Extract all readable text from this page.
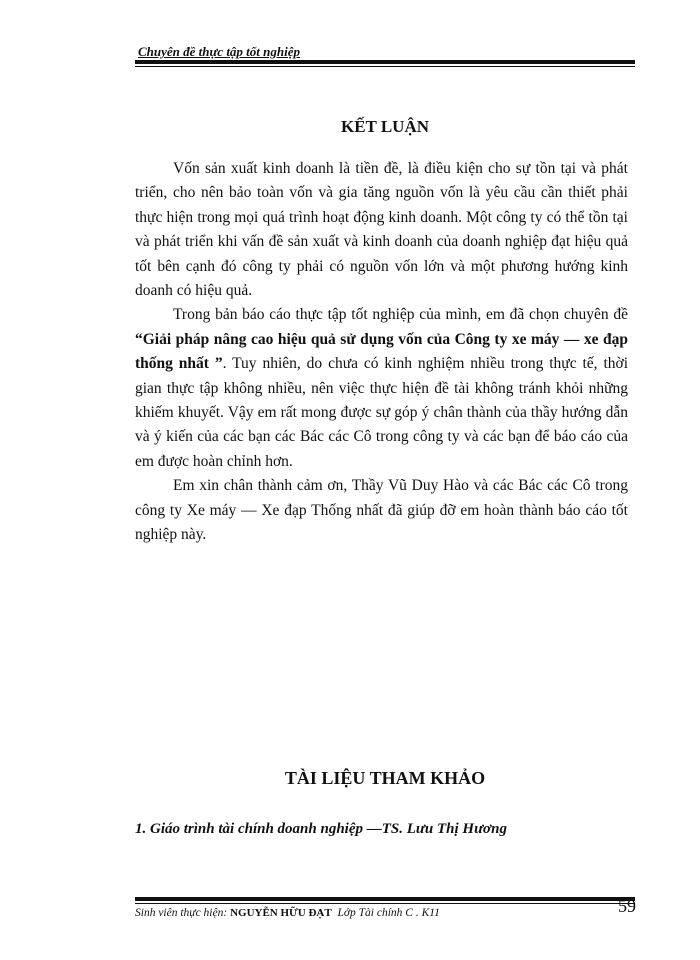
Chuyên đề thực tập tốt nghiệp
KẾT LUẬN

Vốn sản xuất kinh doanh là tiền đề, là điều kiện cho sự tồn tại và phát triển, cho nên bảo toàn vốn và gia tăng nguồn vốn là yêu cầu cần thiết phải thực hiện trong mọi quá trình hoạt động kinh doanh. Một công ty có thể tồn tại và phát triển khi vấn đề sản xuất và kinh doanh của doanh nghiệp đạt hiệu quả tốt bên cạnh đó công ty phải có nguồn vốn lớn và một phương hướng kinh doanh có hiệu quả.

Trong bản báo cáo thực tập tốt nghiệp của mình, em đã chọn chuyên đề “Giải pháp nâng cao hiệu quả sử dụng vốn của Công ty xe máy — xe đạp thống nhất ”. Tuy nhiên, do chưa có kinh nghiệm nhiều trong thực tế, thời gian thực tập không nhiều, nên việc thực hiện đề tài không tránh khỏi những khiếm khuyết. Vậy em rất mong được sự góp ý chân thành của thầy hướng dẫn và ý kiến của các bạn các Bác các Cô trong công ty và các bạn để báo cáo của em được hoàn chỉnh hơn.

Em xin chân thành cảm ơn, Thầy Vũ Duy Hào và các Bác các Cô trong công ty Xe máy — Xe đạp Thống nhất đã giúp đỡ em hoàn thành báo cáo tốt nghiệp này.

TÀI LIỆU THAM KHẢO
1. Giáo trình tài chính doanh nghiệp —TS. Lưu Thị Hương
Sinh viên thực hiện: NGUYỄN HỮU ĐẠT Lớp Tài chính C . K11	59
